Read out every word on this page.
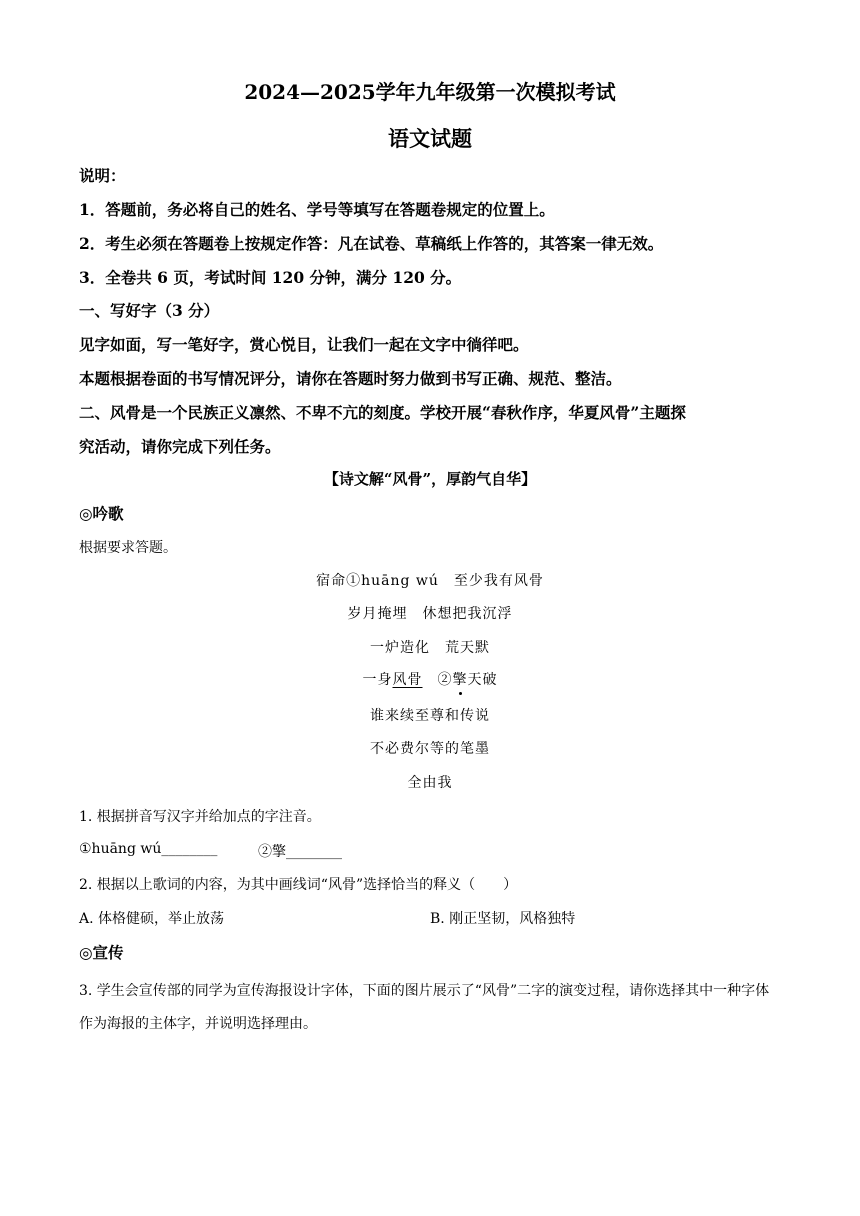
2024—2025学年九年级第一次模拟考试
语文试题
说明：
1．答题前，务必将自己的姓名、学号等填写在答题卷规定的位置上。
2．考生必须在答题卷上按规定作答：凡在试卷、草稿纸上作答的，其答案一律无效。
3．全卷共 6 页，考试时间 120 分钟，满分 120 分。
一、写好字（3 分）
见字如面，写一笔好字，赏心悦目，让我们一起在文字中徜徉吧。
本题根据卷面的书写情况评分，请你在答题时努力做到书写正确、规范、整洁。
二、风骨是一个民族正义凛然、不卑不亢的刻度。学校开展“春秋作序，华夏风骨”主题探
究活动，请你完成下列任务。
【诗文解“风骨”，厚韵气自华】
◎吟歌
根据要求答题。
宿命①huāng wú　至少我有风骨
岁月掩埋　休想把我沉浮
一炉造化　荒天默
一身风骨　②擎天破
谁来续至尊和传说
不必费尔等的笔墨
全由我
1. 根据拼音写汉字并给加点的字注音。
①huāng wú________	②擎________
2. 根据以上歌词的内容，为其中画线词“风骨”选择恰当的释义（　　）
A. 体格健硕，举止放荡	B. 刚正坚韧，风格独特
◎宣传
3. 学生会宣传部的同学为宣传海报设计字体，下面的图片展示了“风骨”二字的演变过程，请你选择其中一种字体作为海报的主体字，并说明选择理由。
